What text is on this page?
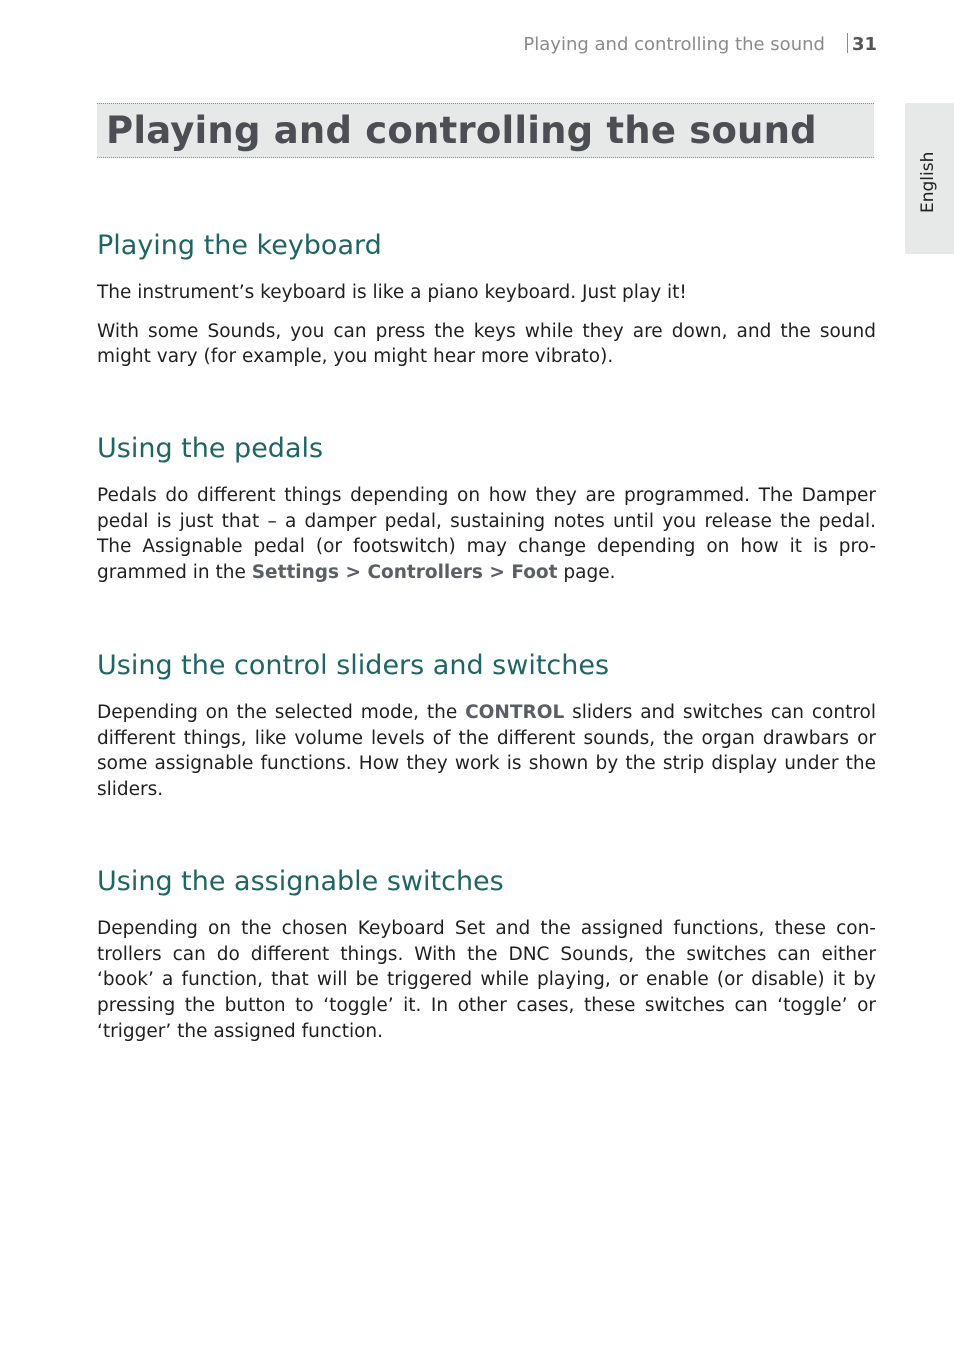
Playing and controlling the sound 31
English
Playing and controlling the sound
Playing the keyboard

The instrument’s keyboard is like a piano keyboard. Just play it!

With some Sounds, you can press the keys while they are down, and the sound might vary (for example, you might hear more vibrato).

Using the pedals

Pedals do different things depending on how they are programmed. The Damper pedal is just that – a damper pedal, sustaining notes until you release the pedal. The Assignable pedal (or footswitch) may change depending on how it is pro-grammed in the Settings > Controllers > Foot page.

Using the control sliders and switches

Depending on the selected mode, the CONTROL sliders and switches can control different things, like volume levels of the different sounds, the organ drawbars or some assignable functions. How they work is shown by the strip display under the sliders.

Using the assignable switches

Depending on the chosen Keyboard Set and the assigned functions, these con-trollers can do different things. With the DNC Sounds, the switches can either ‘book’ a function, that will be triggered while playing, or enable (or disable) it by pressing the button to ‘toggle’ it. In other cases, these switches can ‘toggle’ or ‘trigger’ the assigned function.
